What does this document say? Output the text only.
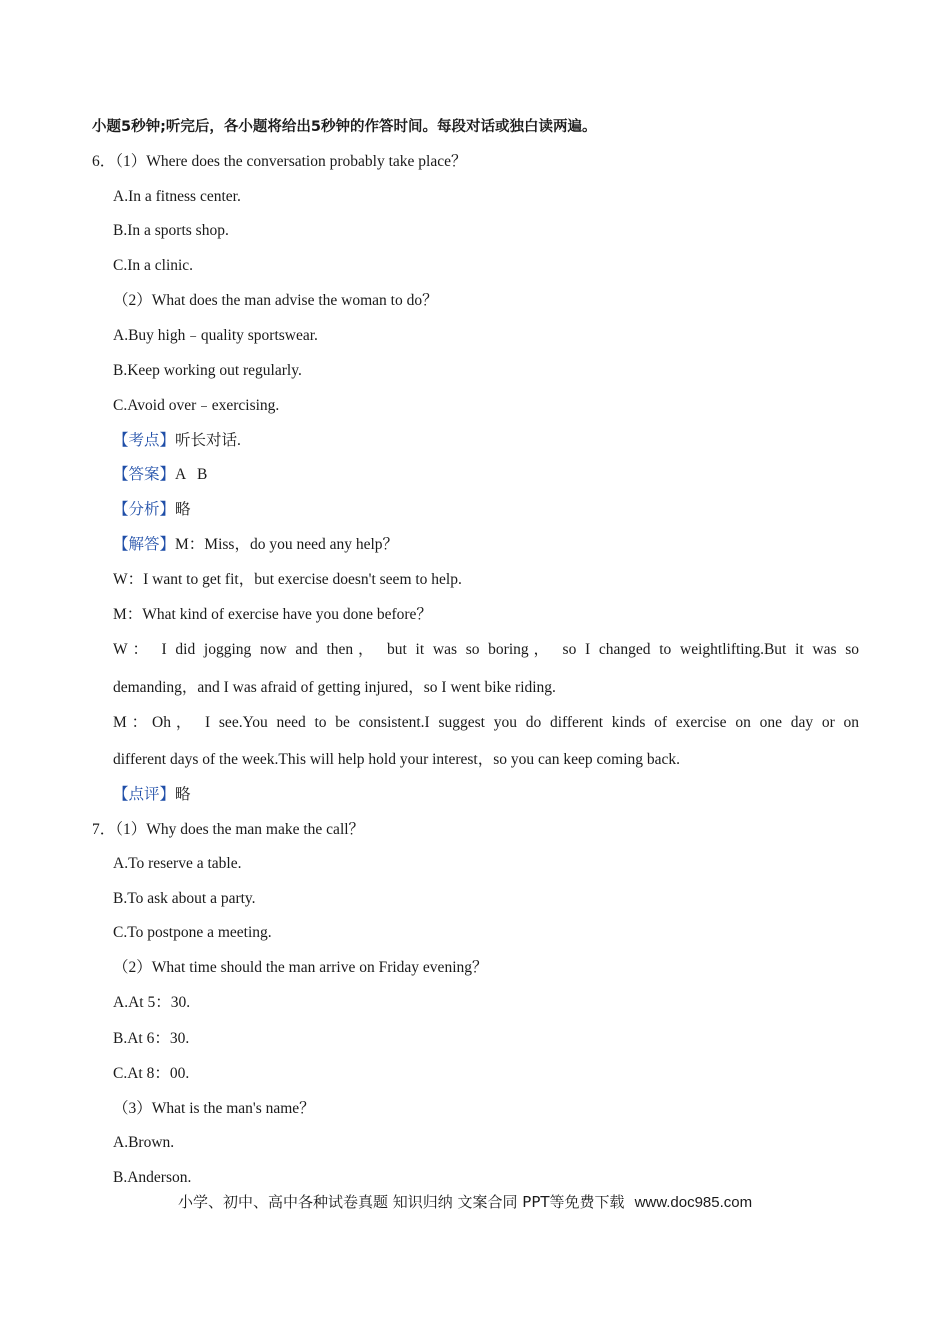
小题5秒钟;听完后，各小题将给出5秒钟的作答时间。每段对话或独白读两遍。
6．（1）Where does the conversation probably take place？
A.In a fitness center.
B.In a sports shop.
C.In a clinic.
（2）What does the man advise the woman to do？
A.Buy high﹣quality sportswear.
B.Keep working out regularly.
C.Avoid over﹣exercising.
【考点】听长对话.
【答案】A   B
【分析】略
【解答】M：Miss，do you need any help？
W：I want to get fit，but exercise doesn't seem to help.
M：What kind of exercise have you done before？
W： I did jogging now and then， but it was so boring， so I changed to weightlifting.But it was so
demanding，and I was afraid of getting injured，so I went bike riding.
M：Oh， I see.You need to be consistent.I suggest you do different kinds of exercise on one day or on
different days of the week.This will help hold your interest，so you can keep coming back.
【点评】略
7．（1）Why does the man make the call？
A.To reserve a table.
B.To ask about a party.
C.To postpone a meeting.
（2）What time should the man arrive on Friday evening？
A.At 5：30.
B.At 6：30.
C.At 8：00.
（3）What is the man's name？
A.Brown.
B.Anderson.
小学、初中、高中各种试卷真题 知识归纳 文案合同 PPT等免费下载 www.doc985.com
